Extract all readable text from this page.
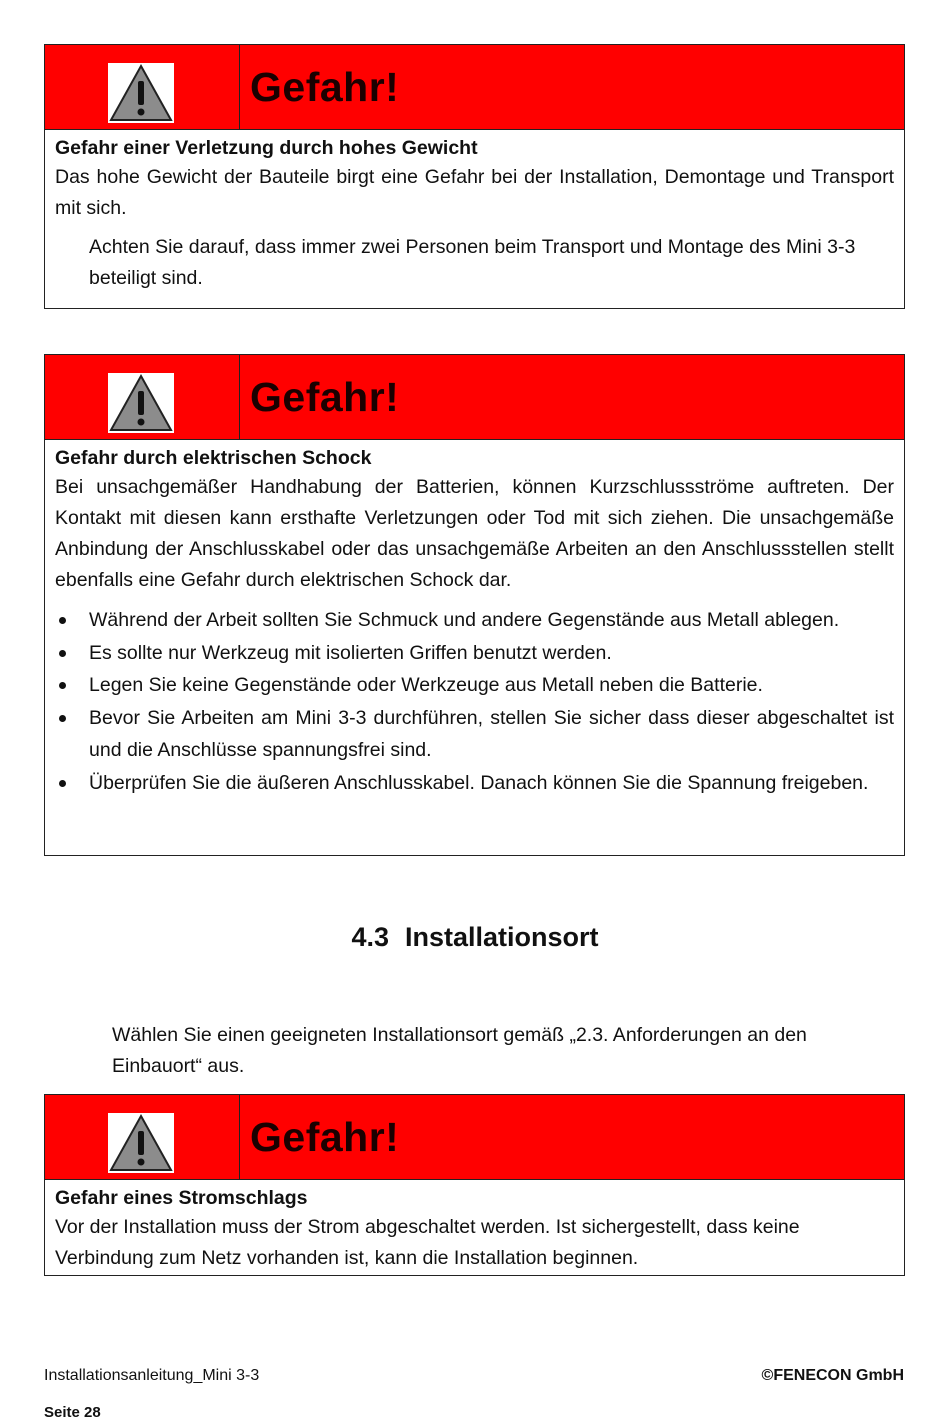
Gefahr!
Gefahr einer Verletzung durch hohes Gewicht
Das hohe Gewicht der Bauteile birgt eine Gefahr bei der Installation, Demontage und Transport mit sich.
Achten Sie darauf, dass immer zwei Personen beim Transport und Montage des Mini 3-3 beteiligt sind.
Gefahr!
Gefahr durch elektrischen Schock
Bei unsachgemäßer Handhabung der Batterien, können Kurzschlussströme auftreten. Der Kontakt mit diesen kann ersthafte Verletzungen oder Tod mit sich ziehen. Die unsachgemäße Anbindung der Anschlusskabel oder das unsachgemäße Arbeiten an den Anschlussstellen stellt ebenfalls eine Gefahr durch elektrischen Schock dar.
Während der Arbeit sollten Sie Schmuck und andere Gegenstände aus Metall ablegen.
Es sollte nur Werkzeug mit isolierten Griffen benutzt werden.
Legen Sie keine Gegenstände oder Werkzeuge aus Metall neben die Batterie.
Bevor Sie Arbeiten am Mini 3-3 durchführen, stellen Sie sicher dass dieser abgeschaltet ist und die Anschlüsse spannungsfrei sind.
Überprüfen Sie die äußeren Anschlusskabel. Danach können Sie die Spannung freigeben.
4.3 Installationsort
Wählen Sie einen geeigneten Installationsort gemäß „2.3. Anforderungen an den Einbauort“ aus.
Gefahr!
Gefahr eines Stromschlags
Vor der Installation muss der Strom abgeschaltet werden. Ist sichergestellt, dass keine Verbindung zum Netz vorhanden ist, kann die Installation beginnen.
Installationsanleitung_Mini 3-3	©FENECON GmbH
Seite 28
